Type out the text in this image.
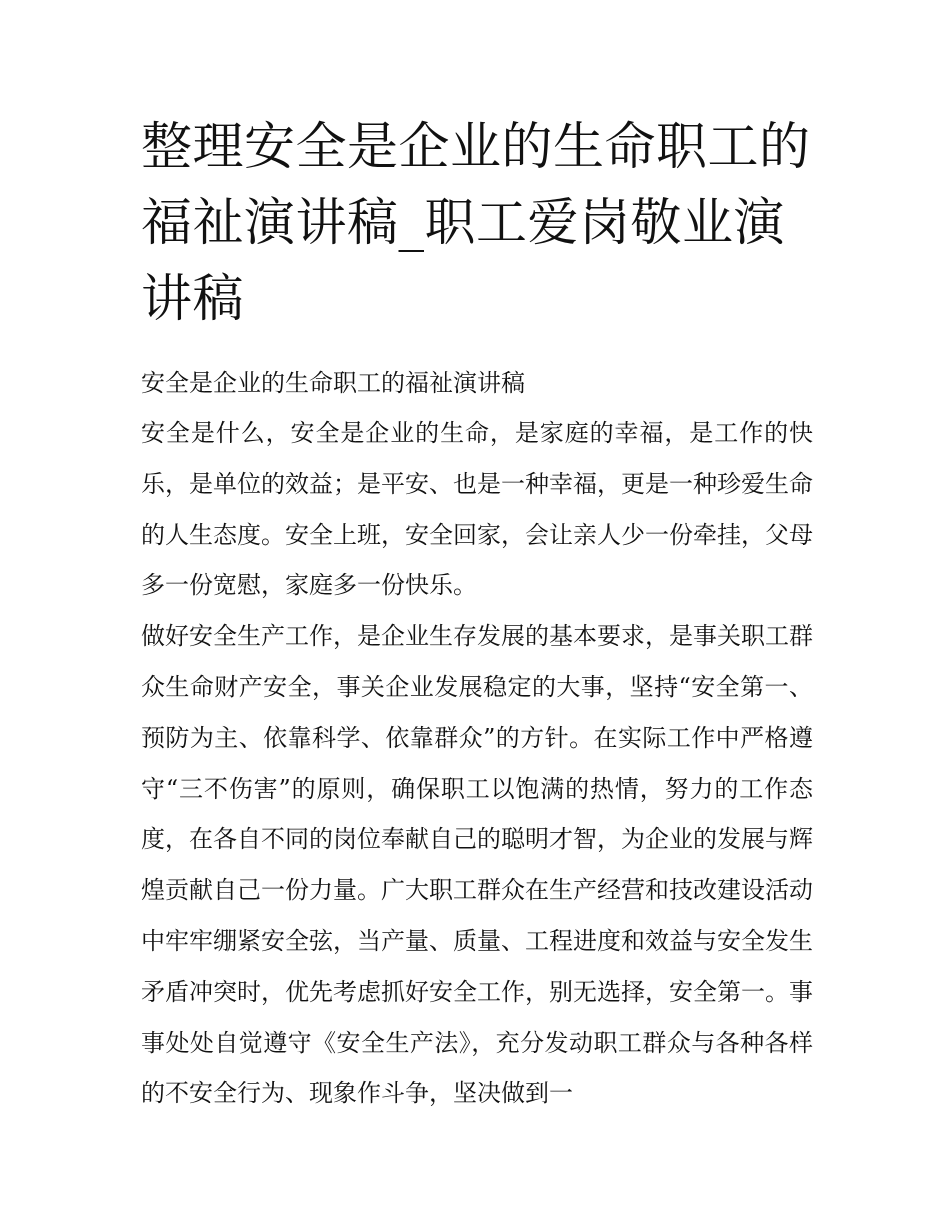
整理安全是企业的生命职工的福祉演讲稿_职工爱岗敬业演讲稿

安全是企业的生命职工的福祉演讲稿

安全是什么，安全是企业的生命，是家庭的幸福，是工作的快乐，是单位的效益；是平安、也是一种幸福，更是一种珍爱生命的人生态度。安全上班，安全回家，会让亲人少一份牵挂，父母多一份宽慰，家庭多一份快乐。

做好安全生产工作，是企业生存发展的基本要求，是事关职工群众生命财产安全，事关企业发展稳定的大事，坚持“安全第一、预防为主、依靠科学、依靠群众”的方针。在实际工作中严格遵守“三不伤害”的原则，确保职工以饱满的热情，努力的工作态度，在各自不同的岗位奉献自己的聪明才智，为企业的发展与辉煌贡献自己一份力量。广大职工群众在生产经营和技改建设活动中牢牢绷紧安全弦，当产量、质量、工程进度和效益与安全发生矛盾冲突时，优先考虑抓好安全工作，别无选择，安全第一。事事处处自觉遵守《安全生产法》，充分发动职工群众与各种各样的不安全行为、现象作斗争，坚决做到一
